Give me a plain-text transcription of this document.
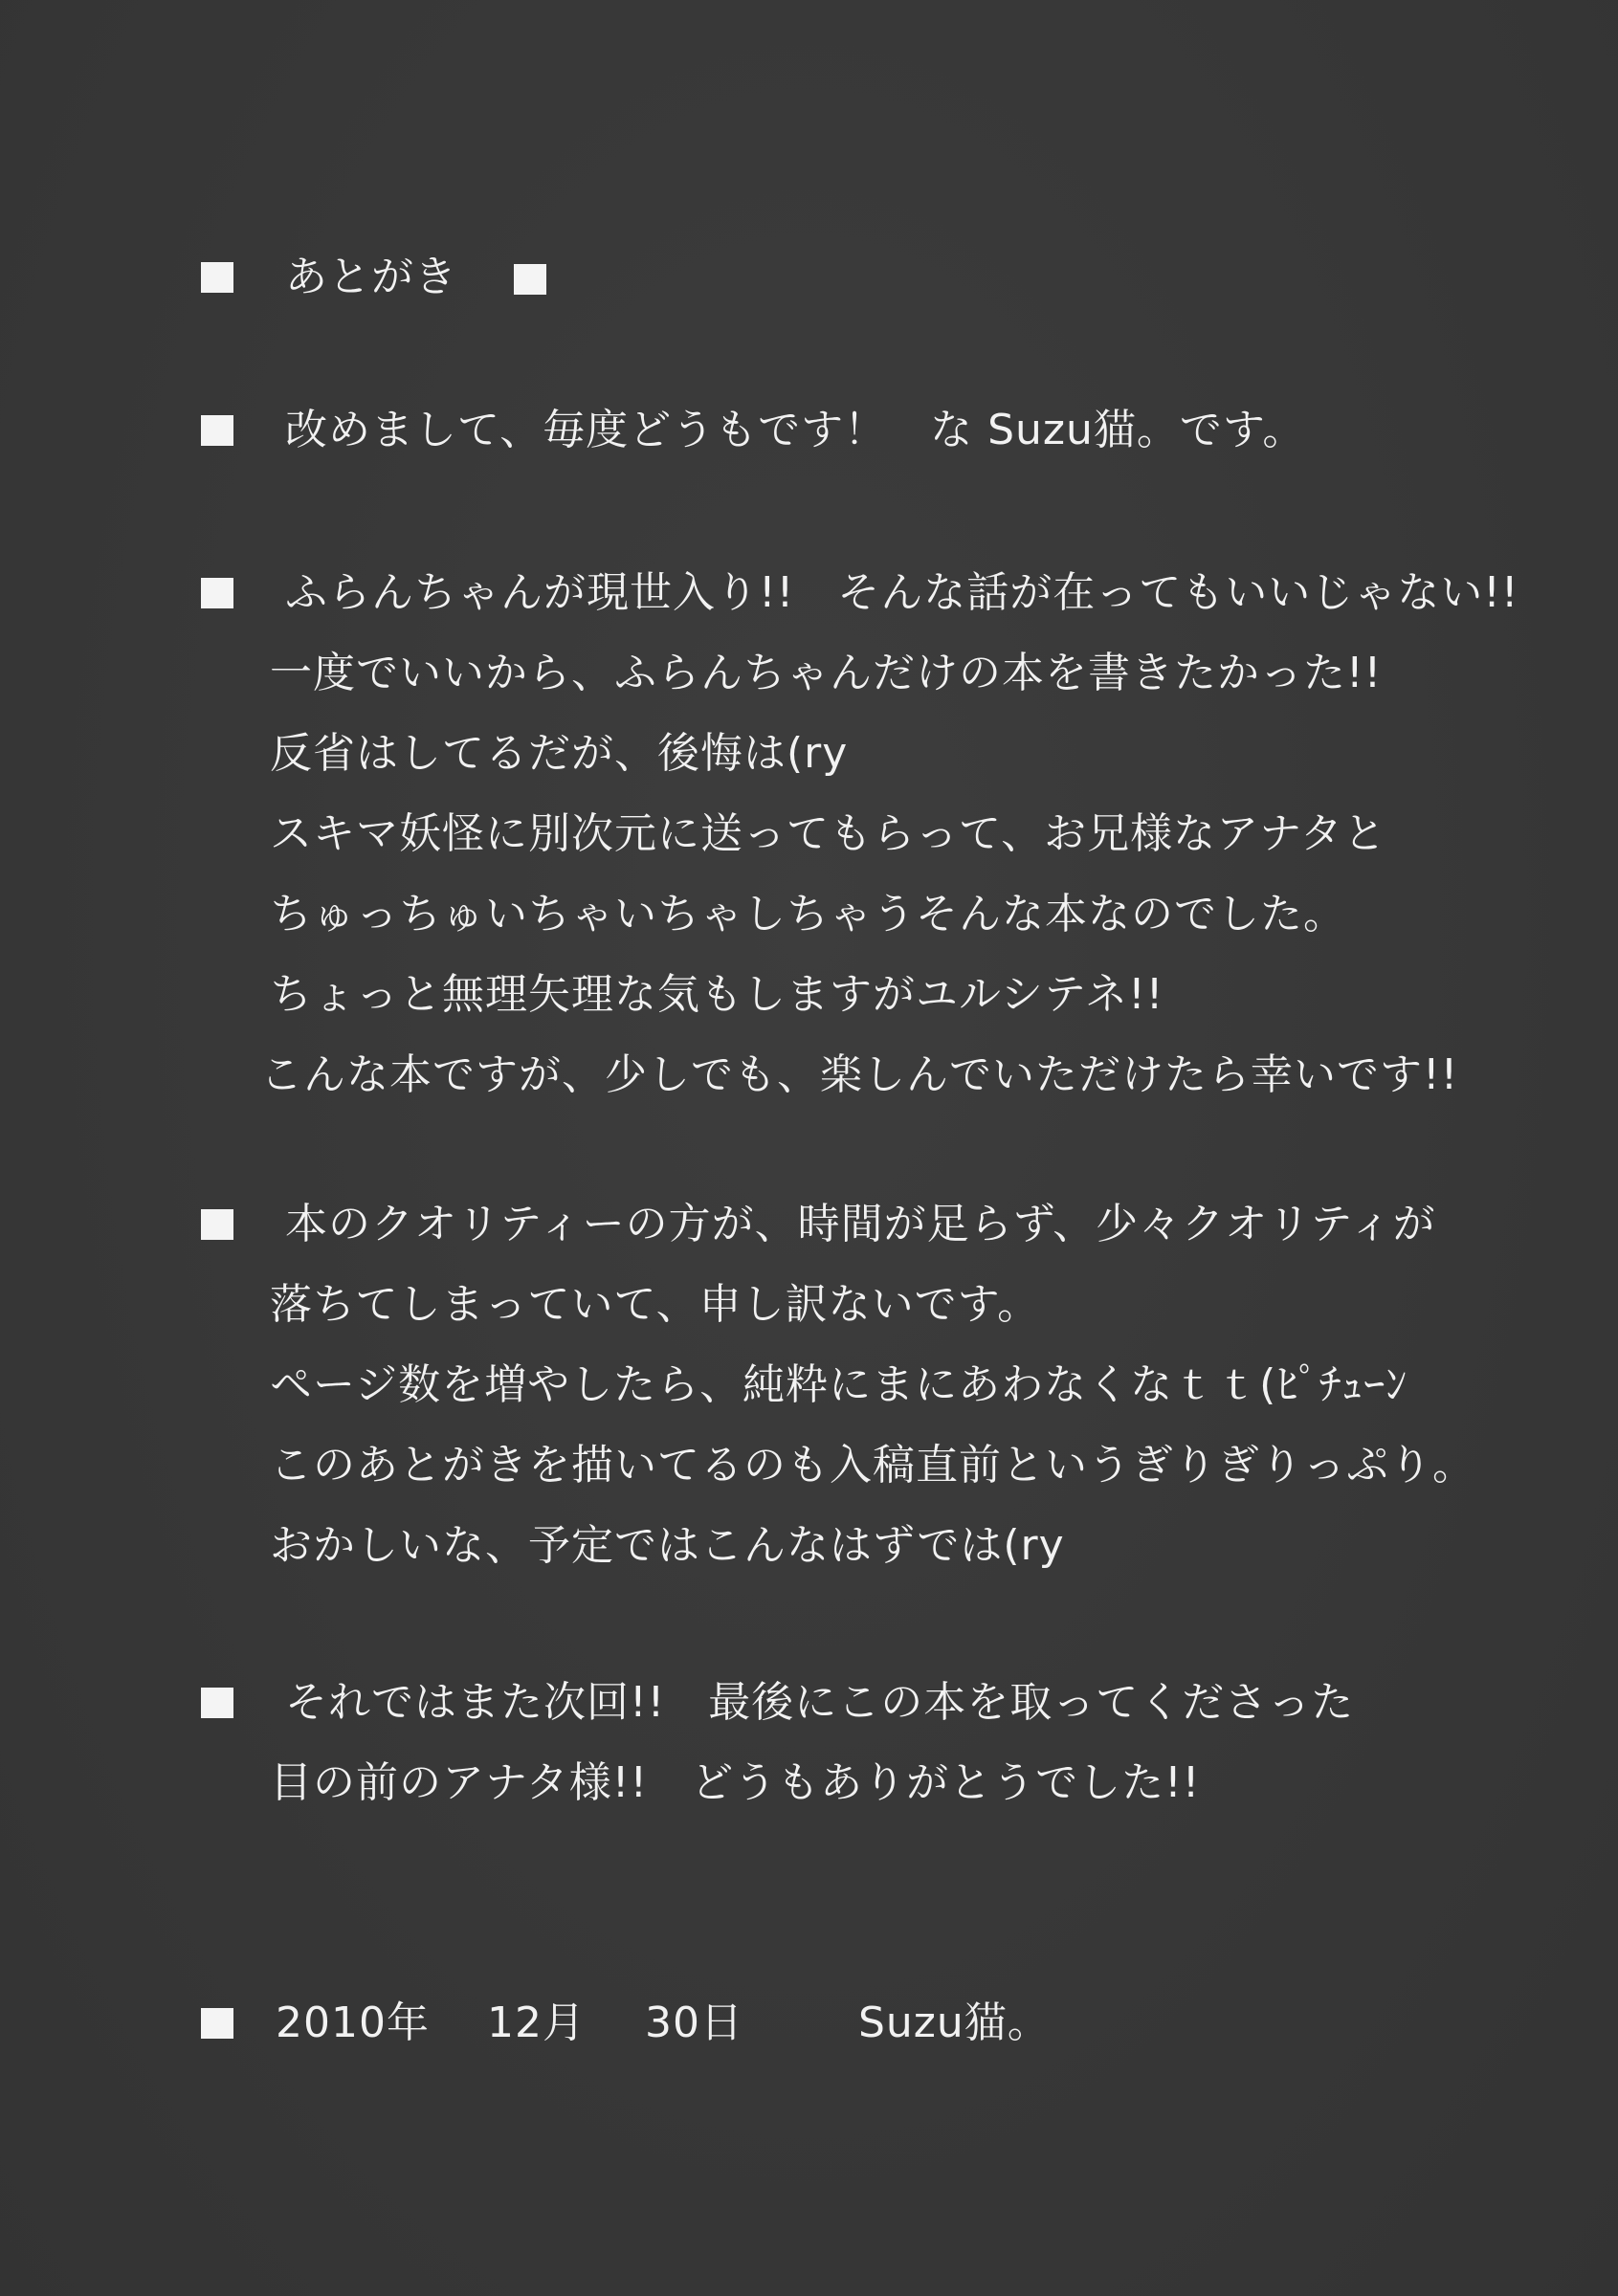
あとがき
改めまして、毎度どうもです！　な Suzu猫。です。
ふらんちゃんが現世入り!!　そんな話が在ってもいいじゃない!!
一度でいいから、ふらんちゃんだけの本を書きたかった!!
反省はしてるだが、後悔は(ry
スキマ妖怪に別次元に送ってもらって、お兄様なアナタと
ちゅっちゅいちゃいちゃしちゃうそんな本なのでした。
ちょっと無理矢理な気もしますがユルシテネ!!
こんな本ですが、少しでも、楽しんでいただけたら幸いです!!
本のクオリティーの方が、時間が足らず、少々クオリティが
落ちてしまっていて、申し訳ないです。
ページ数を増やしたら、純粋にまにあわなくなｔｔ(ﾋﾟﾁｭｰﾝ
このあとがきを描いてるのも入稿直前というぎりぎりっぷり。
おかしいな、予定ではこんなはずでは(ry
それではまた次回!!　最後にこの本を取ってくださった
目の前のアナタ様!!　どうもありがとうでした!!
2010年 12月 30日	Suzu猫。
